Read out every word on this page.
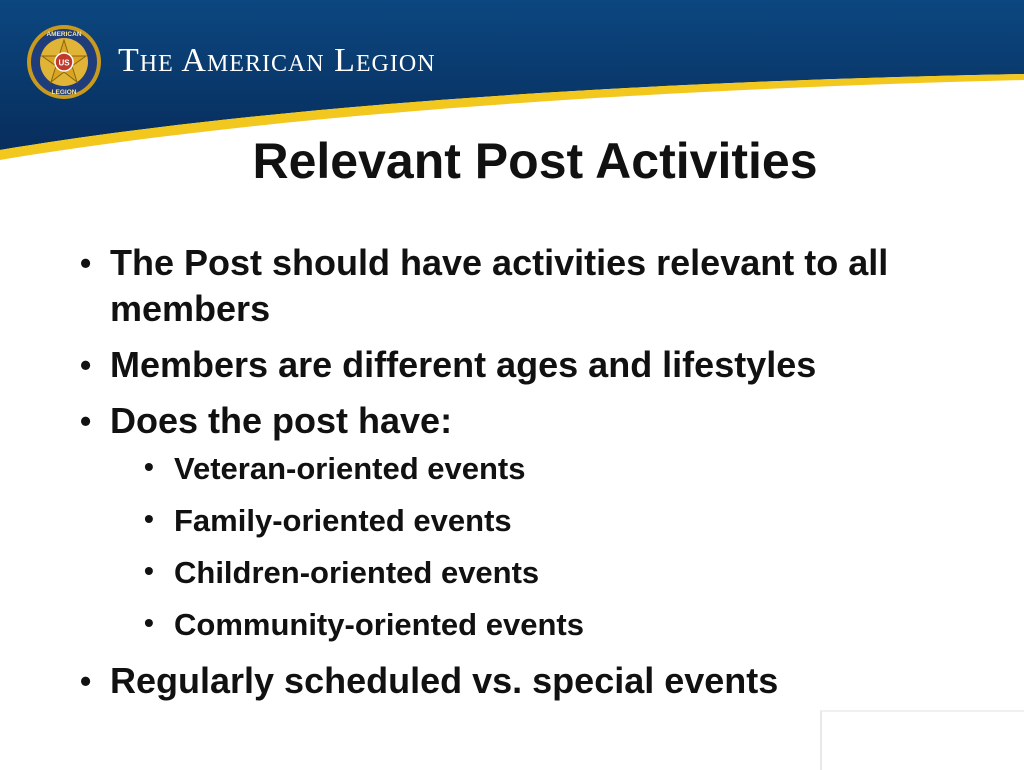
US
AMERICAN
LEGION
The American Legion
Relevant Post Activities
• The Post should have activities relevant to all members
• Members are different ages and lifestyles
• Does the post have:
• Veteran-oriented events
• Family-oriented events
• Children-oriented events
• Community-oriented events
• Regularly scheduled vs. special events
